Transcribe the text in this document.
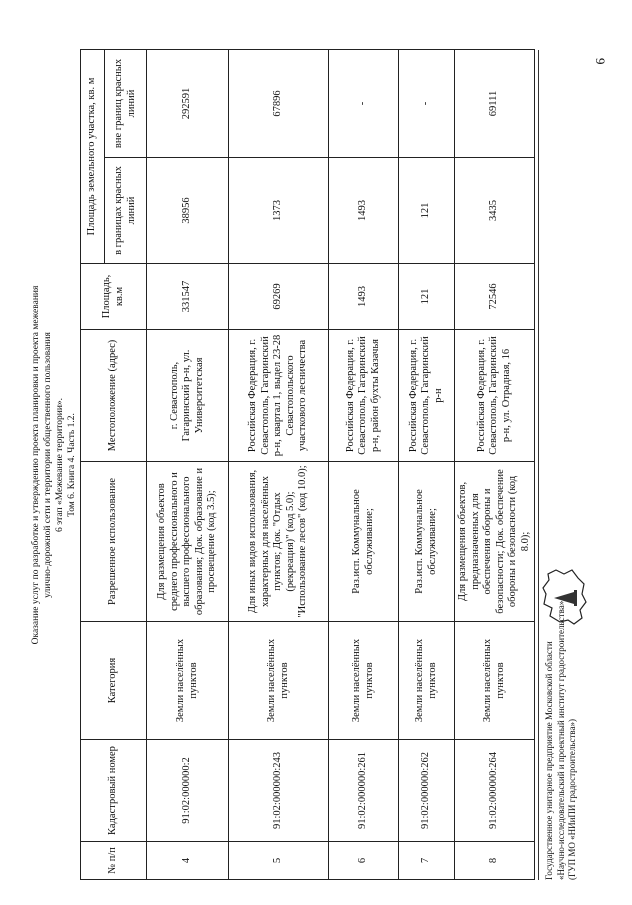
9
Оказание услуг по разработке и утверждению проекта планировки и проекта межевания улично-дорожной сети и территории общественного пользования 6 этап «Межевание территории». Том 6. Книга 4. Часть 1.2.
№ п/п	Кадастровый номер	Категория	Разрешенное использование	Местоположение (адрес)	Площадь, кв.м	Площадь земельного участка, кв. м	
						в границах красных линий	вне границ красных линий
4	91:02:000000:2	Земли населённых пунктов	Для размещения объектов среднего профессионального и высшего профессионального образования; Док. образование и просвещение (код 3.5);	г. Севастополь, Гагаринский р-н, ул. Университетская	331547	38956	292591
5	91:02:000000:243	Земли населённых пунктов	Для иных видов использования, характерных для населённых пунктов; Док. "Отдых (рекреация)" (код 5.0); "Использование лесов" (код 10.0);	Российская Федерация, г. Севастополь, Гагаринский р-н, квартал 1, выдел 23-28 Севастопольского участкового лесничества	69269	1373	67896
6	91:02:000000:261	Земли населённых пунктов	Раз.исп. Коммунальное обслуживание;	Российская Федерация, г. Севастополь, Гагаринский р-н, район бухты Казачья	1493	1493	-
7	91:02:000000:262	Земли населённых пунктов	Раз.исп. Коммунальное обслуживание;	Российская Федерация, г. Севастополь, Гагаринский р-н	121	121	-
8	91:02:000000:264	Земли населённых пунктов	Для размещения объектов, предназначенных для обеспечения обороны и безопасности; Док. обеспечение обороны и безопасности (код 8.0);	Российская Федерация, г. Севастополь, Гагаринский р-н, ул. Отрадная, 16	72546	3435	69111
Государственное унитарное предприятие Московской области «Научно-исследовательский и проектный институт градостроительства» (ГУП МО «НИиПИ градостроительства»)
